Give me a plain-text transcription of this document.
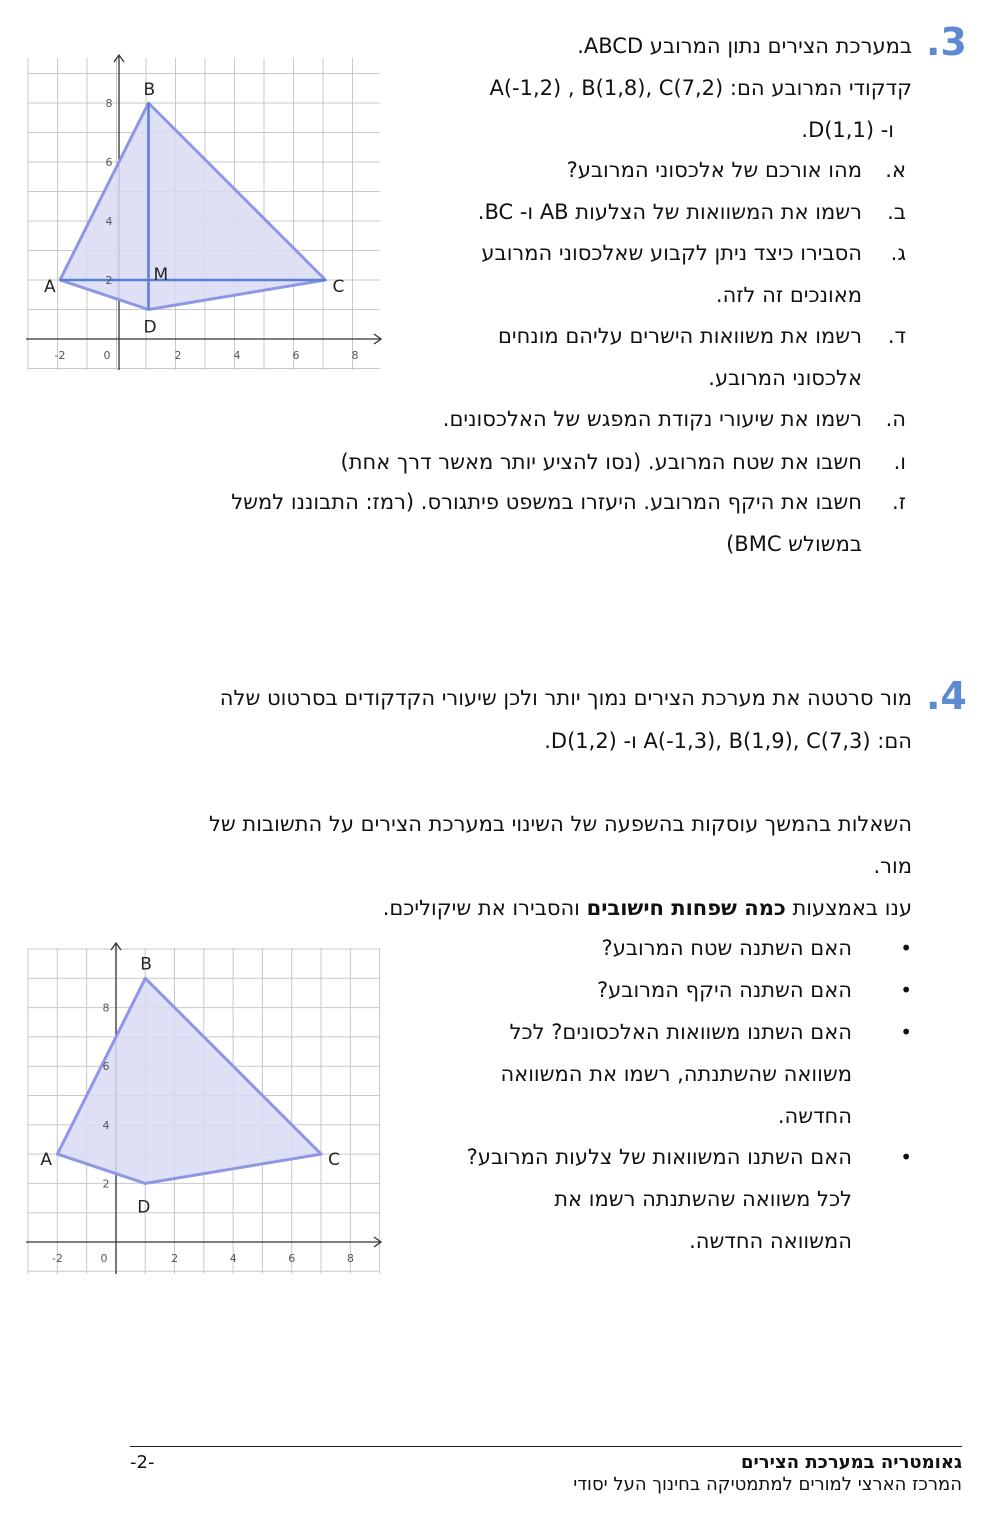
.3
במערכת הצירים נתון המרובע ABCD.
קדקודי המרובע הם: A(-1,2) , B(1,8), C(7,2)
ו- D(1,1).
א.
מהו אורכם של אלכסוני המרובע?
ב.
רשמו את המשוואות של הצלעות AB ו- BC.
ג.
הסבירו כיצד ניתן לקבוע שאלכסוני המרובע
מאונכים זה לזה.
ד.
רשמו את משוואות הישרים עליהם מונחים
אלכסוני המרובע.
ה.
רשמו את שיעורי נקודת המפגש של האלכסונים.
ו.
חשבו את שטח המרובע. (נסו להציע יותר מאשר דרך אחת)
ז.
חשבו את היקף המרובע. היעזרו במשפט פיתגורס. (רמז: התבוננו למשל
במשולש BMC)
-2	0	2	4	6	8
2
4
6
8
A
B
C
D
M
.4
מור סרטטה את מערכת הצירים נמוך יותר ולכן שיעורי הקדקודים בסרטוט שלה
הם: A(-1,3), B(1,9), C(7,3) ו- D(1,2).
השאלות בהמשך עוסקות בהשפעה של השינוי במערכת הצירים על התשובות של
מור.
ענו באמצעות כמה שפחות חישובים והסבירו את שיקוליכם.
•
האם השתנה שטח המרובע?
•
האם השתנה היקף המרובע?
•
האם השתנו משוואות האלכסונים? לכל
משוואה שהשתנתה, רשמו את המשוואה
החדשה.
•
האם השתנו המשוואות של צלעות המרובע?
לכל משוואה שהשתנתה רשמו את
המשוואה החדשה.
-2	0	2	4	6	8
2
4
6
8
A
B
C
D
גאומטריה במערכת הצירים
המרכז הארצי למורים למתמטיקה בחינוך העל יסודי
-2-
